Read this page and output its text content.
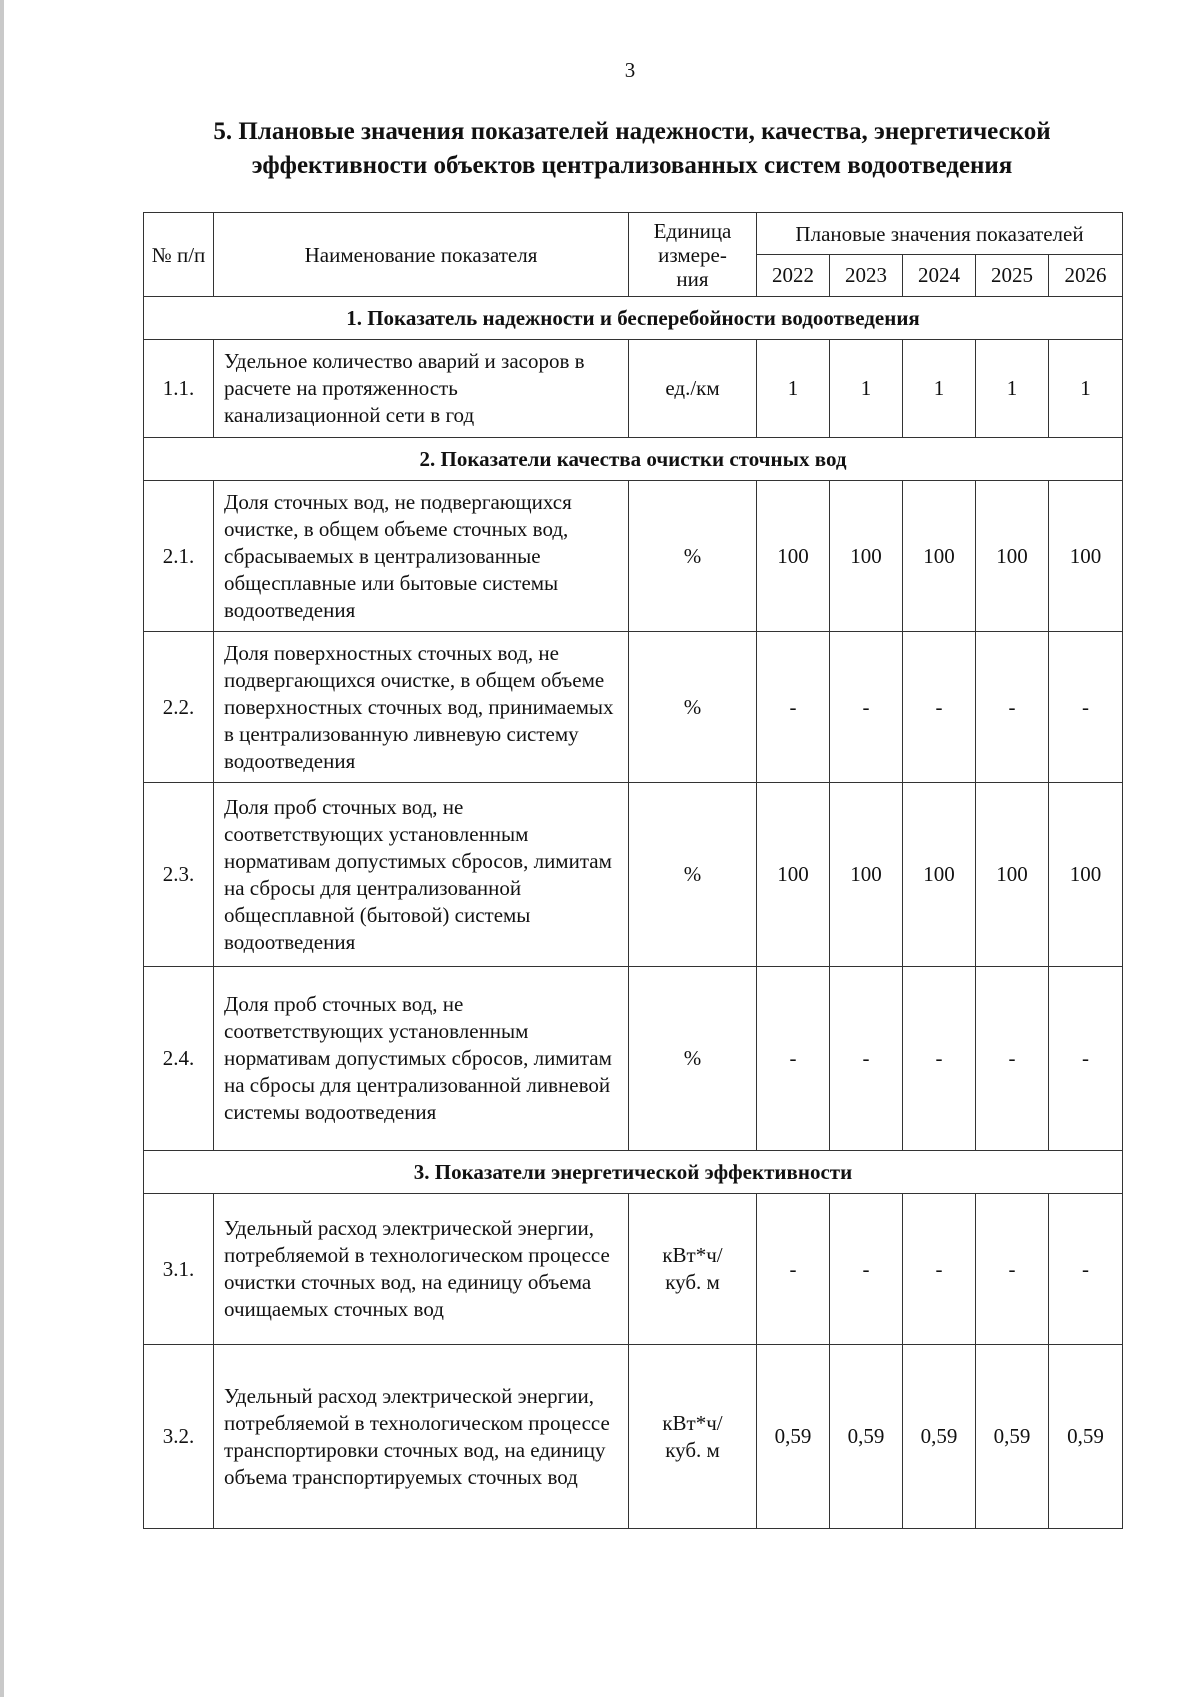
3
5. Плановые значения показателей надежности, качества, энергетической
эффективности объектов централизованных систем водоотведения
№ п/п	Наименование показателя	Единица измере- ния	Плановые значения показателей				
			2022	2023	2024	2025	2026
1. Показатель надежности и бесперебойности водоотведения							
1.1.	Удельное количество аварий и засоров в расчете на протяженность канализационной сети в год	ед./км	1	1	1	1	1
2. Показатели качества очистки сточных вод							
2.1.	Доля сточных вод, не подвергающихся очистке, в общем объеме сточных вод, сбрасываемых в централизованные общесплавные или бытовые системы водоотведения	%	100	100	100	100	100
2.2.	Доля поверхностных сточных вод, не подвергающихся очистке, в общем объеме поверхностных сточных вод, принимаемых в централизованную ливневую систему водоотведения	%	-	-	-	-	-
2.3.	Доля проб сточных вод, не соответствующих установленным нормативам допустимых сбросов, лимитам на сбросы для централизованной общесплавной (бытовой) системы водоотведения	%	100	100	100	100	100
2.4.	Доля проб сточных вод, не соответствующих установленным нормативам допустимых сбросов, лимитам на сбросы для централизованной ливневой системы водоотведения	%	-	-	-	-	-
3. Показатели энергетической эффективности							
3.1.	Удельный расход электрической энергии, потребляемой в технологическом процессе очистки сточных вод, на единицу объема очищаемых сточных вод	кВт*ч/ куб. м	-	-	-	-	-
3.2.	Удельный расход электрической энергии, потребляемой в технологическом процессе транспортировки сточных вод, на единицу объема транспортируемых сточных вод	кВт*ч/ куб. м	0,59	0,59	0,59	0,59	0,59
